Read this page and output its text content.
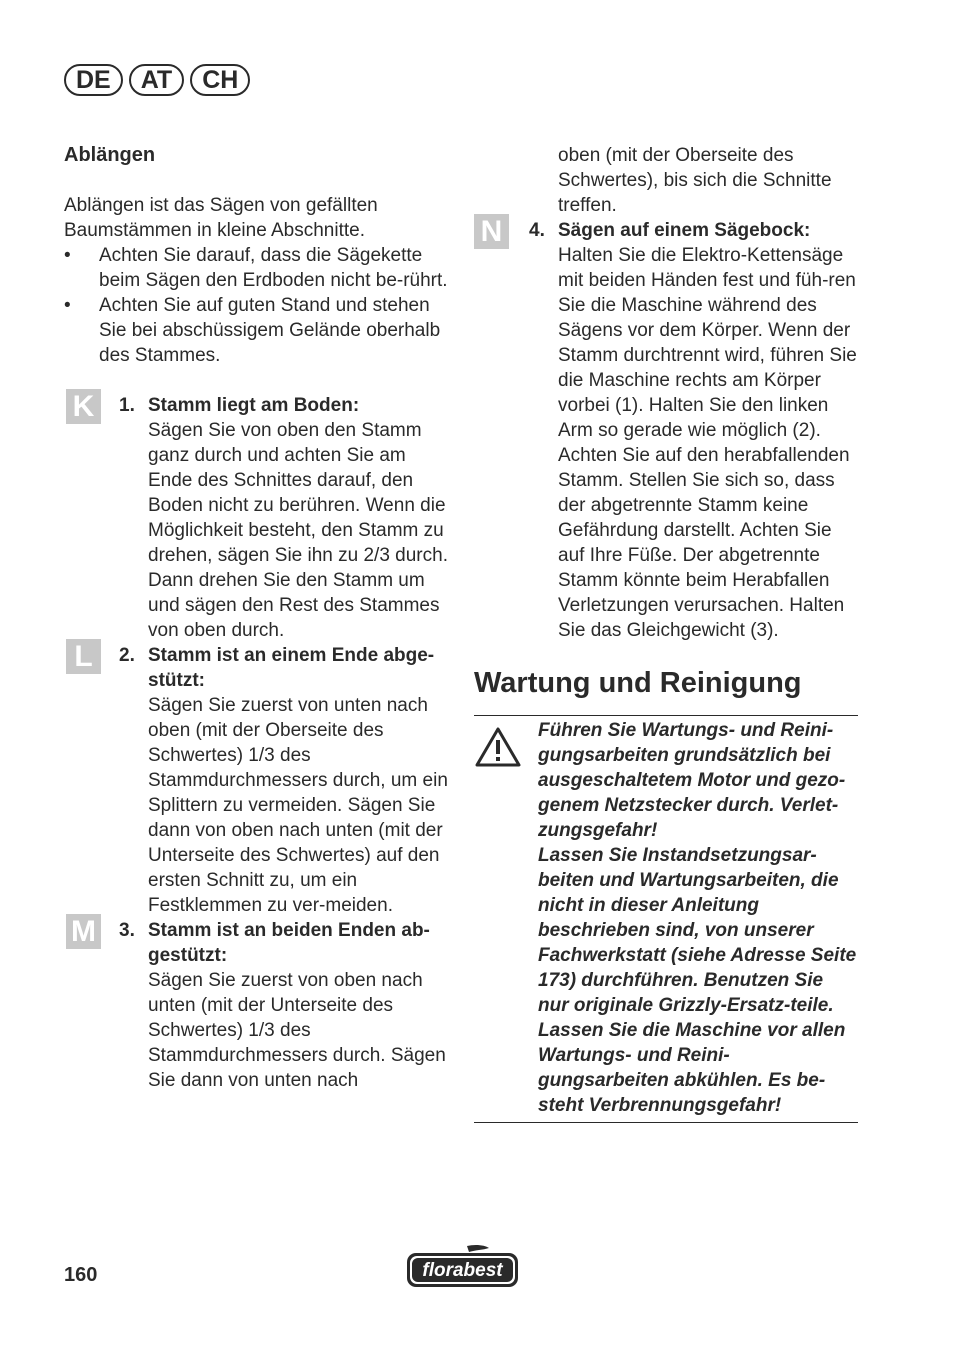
DE	AT	CH
Ablängen

Ablängen ist das Sägen von gefällten Baumstämmen in kleine Abschnitte.

• Achten Sie darauf, dass die Sägekette beim Sägen den Erdboden nicht be-rührt.
• Achten Sie auf guten Stand und stehen Sie bei abschüssigem Gelände oberhalb des Stammes.
K	1. Stamm liegt am Boden:
Sägen Sie von oben den Stamm ganz durch und achten Sie am Ende des Schnittes darauf, den Boden nicht zu berühren. Wenn die Möglichkeit besteht, den Stamm zu drehen, sägen Sie ihn zu 2/3 durch. Dann drehen Sie den Stamm um und sägen den Rest des Stammes von oben durch.
L	2. Stamm ist an einem Ende abge-stützt:
Sägen Sie zuerst von unten nach oben (mit der Oberseite des Schwertes) 1/3 des Stammdurchmessers durch, um ein Splittern zu vermeiden. Sägen Sie dann von oben nach unten (mit der Unterseite des Schwertes) auf den ersten Schnitt zu, um ein Festklemmen zu ver-meiden.
M 3. Stamm ist an beiden Enden ab-gestützt:
Sägen Sie zuerst von oben nach unten (mit der Unterseite des Schwertes) 1/3 des Stammdurchmessers durch. Sägen Sie dann von unten nach

oben (mit der Oberseite des Schwertes), bis sich die Schnitte treffen.

N	4. Sägen auf einem Sägebock:
Halten Sie die Elektro-Kettensäge mit beiden Händen fest und füh-ren Sie die Maschine während des Sägens vor dem Körper. Wenn der Stamm durchtrennt wird, führen Sie die Maschine rechts am Körper vorbei (1). Halten Sie den linken Arm so gerade wie möglich (2). Achten Sie auf den herabfallenden Stamm. Stellen Sie sich so, dass der abgetrennte Stamm keine Gefährdung darstellt. Achten Sie auf Ihre Füße. Der abgetrennte Stamm könnte beim Herabfallen Verletzungen verursachen. Halten Sie das Gleichgewicht (3).
Wartung und Reinigung

Führen Sie Wartungs- und Reini-gungsarbeiten grundsätzlich bei ausgeschaltetem Motor und gezo-genem Netzstecker durch. Verlet-zungsgefahr!

Lassen Sie Instandsetzungsar-beiten und Wartungsarbeiten, die nicht in dieser Anleitung beschrieben sind, von unserer Fachwerkstatt (siehe Adresse Seite 173) durchführen. Benutzen Sie nur originale Grizzly-Ersatz-teile. Lassen Sie die Maschine vor allen Wartungs- und Reini-gungsarbeiten abkühlen. Es be-steht Verbrennungsgefahr!

160	florabest
